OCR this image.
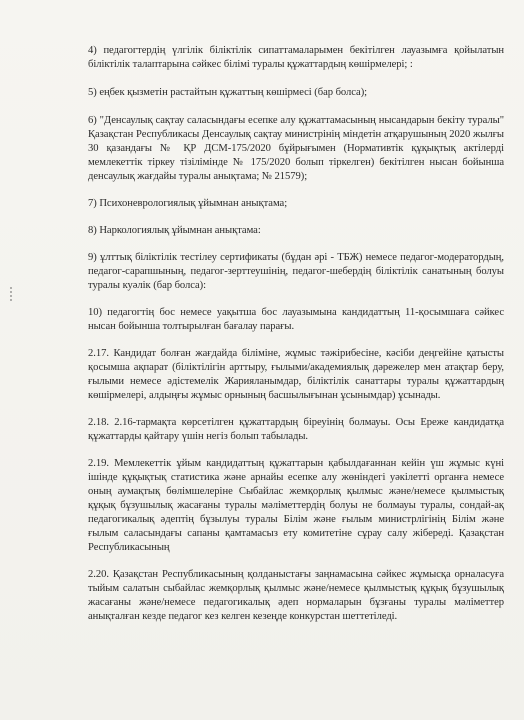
4) педагогтердің үлгілік біліктілік сипаттамаларымен бекітілген лауазымға қойылатын біліктілік талаптарына сәйкес білімі туралы құжаттардың көшірмелері; :

5) еңбек қызметін растайтын құжаттың көшірмесі (бар болса);

6) "Денсаулық сақтау саласындағы есепке алу құжаттамасының нысандарын бекіту туралы" Қазақстан Республикасы Денсаулық сақтау министрінің міндетін атқарушының 2020 жылғы 30 қазандағы № ҚР ДСМ-175/2020 бұйрығымен (Нормативтік құқықтық актілерді мемлекеттік тіркеу тізілімінде № 175/2020 болып тіркелген) бекітілген нысан бойынша денсаулық жағдайы туралы анықтама; № 21579);

7) Психоневрологиялық ұйымнан анықтама;

8) Наркологиялық ұйымнан анықтама:

9) ұлттық біліктілік тестілеу сертификаты (бұдан әрі - ТБЖ) немесе педагог-модератордың, педагог-сарапшының, педагог-зерттеушінің, педагог-шебердің біліктілік санатының болуы туралы куәлік (бар болса):

10) педагогтің бос немесе уақытша бос лауазымына кандидаттың 11-қосымшаға сәйкес нысан бойынша толтырылған бағалау парағы.

2.17. Кандидат болған жағдайда біліміне, жұмыс тәжірибесіне, кәсіби деңгейіне қатысты қосымша ақпарат (біліктілігін арттыру, ғылыми/академиялық дәрежелер мен атақтар беру, ғылыми немесе әдістемелік Жарияланымдар, біліктілік санаттары туралы құжаттардың көшірмелері, алдыңғы жұмыс орнының басшылығынан ұсынымдар) ұсынады.

2.18. 2.16-тармақта көрсетілген құжаттардың біреуінің болмауы. Осы Ереже кандидатқа құжаттарды қайтару үшін негіз болып табылады.

2.19. Мемлекеттік ұйым кандидаттың құжаттарын қабылдағаннан кейін үш жұмыс күні ішінде құқықтық статистика және арнайы есепке алу жөніндегі уәкілетті органға немесе оның аумақтық бөлімшелеріне Сыбайлас жемқорлық қылмыс және/немесе қылмыстық құқық бұзушылық жасағаны туралы мәліметтердің болуы не болмауы туралы, сондай-ақ педагогикалық әдептің бұзылуы туралы Білім және ғылым министрлігінің Білім және ғылым саласындағы сапаны қамтамасыз ету комитетіне сұрау салу жібереді. Қазақстан Республикасының

2.20. Қазақстан Республикасының қолданыстағы заңнамасына сәйкес жұмысқа орналасуға тыйым салатын сыбайлас жемқорлық қылмыс және/немесе қылмыстық құқық бұзушылық жасағаны және/немесе педагогикалық әдеп нормаларын бұзғаны туралы мәліметтер анықталған кезде педагог кез келген кезеңде конкурстан шеттетіледі.
